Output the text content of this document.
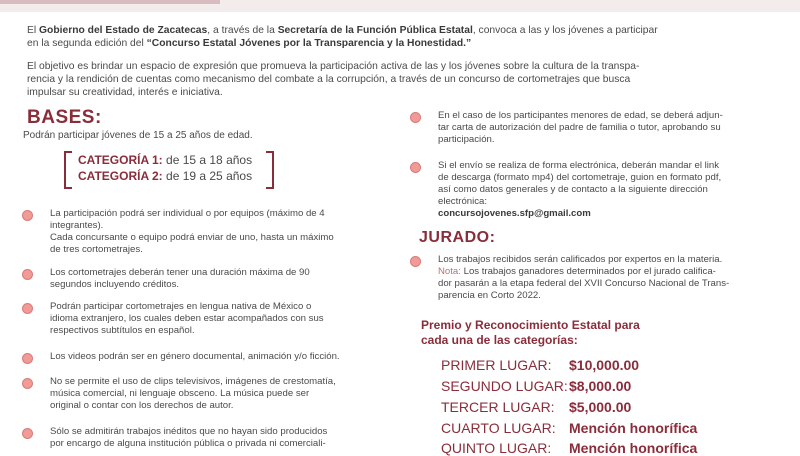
El Gobierno del Estado de Zacatecas, a través de la Secretaría de la Función Pública Estatal, convoca a las y los jóvenes a participar

en la segunda edición del “Concurso Estatal Jóvenes por la Transparencia y la Honestidad.”

El objetivo es brindar un espacio de expresión que promueva la participación activa de las y los jóvenes sobre la cultura de la transpa-

rencia y la rendición de cuentas como mecanismo del combate a la corrupción, a través de un concurso de cortometrajes que busca

impulsar su creatividad, interés e iniciativa.

BASES:
Podrán participar jóvenes de 15 a 25 años de edad.
CATEGORÍA 1: de 15 a 18 años
CATEGORÍA 2: de 19 a 25 años

La participación podrá ser individual o por equipos (máximo de 4

integrantes).

Cada concursante o equipo podrá enviar de uno, hasta un máximo

de tres cortometrajes.

Los cortometrajes deberán tener una duración máxima de 90

segundos incluyendo créditos.

Podrán participar cortometrajes en lengua nativa de México o

idioma extranjero, los cuales deben estar acompañados con sus

respectivos subtítulos en español.

Los videos podrán ser en género documental, animación y/o ficción.

No se permite el uso de clips televisivos, imágenes de crestomatía,

música comercial, ni lenguaje obsceno. La música puede ser

original o contar con los derechos de autor.

Sólo se admitirán trabajos inéditos que no hayan sido producidos

por encargo de alguna institución pública o privada ni comerciali-

En el caso de los participantes menores de edad, se deberá adjun-

tar carta de autorización del padre de familia o tutor, aprobando su

participación.

Si el envío se realiza de forma electrónica, deberán mandar el link

de descarga (formato mp4) del cortometraje, guion en formato pdf,

así como datos generales y de contacto a la siguiente dirección

electrónica:

concursojovenes.sfp@gmail.com

JURADO:

Los trabajos recibidos serán calificados por expertos en la materia.

Nota: Los trabajos ganadores determinados por el jurado califica-

dor pasarán a la etapa federal del XVII Concurso Nacional de Trans-

parencia en Corto 2022.

Premio y Reconocimiento Estatal para
cada una de las categorías:
PRIMER LUGAR: $10,000.00
SEGUNDO LUGAR:$8,000.00
TERCER LUGAR: $5,000.00
CUARTO LUGAR: Mención honorífica
QUINTO LUGAR: Mención honorífica
